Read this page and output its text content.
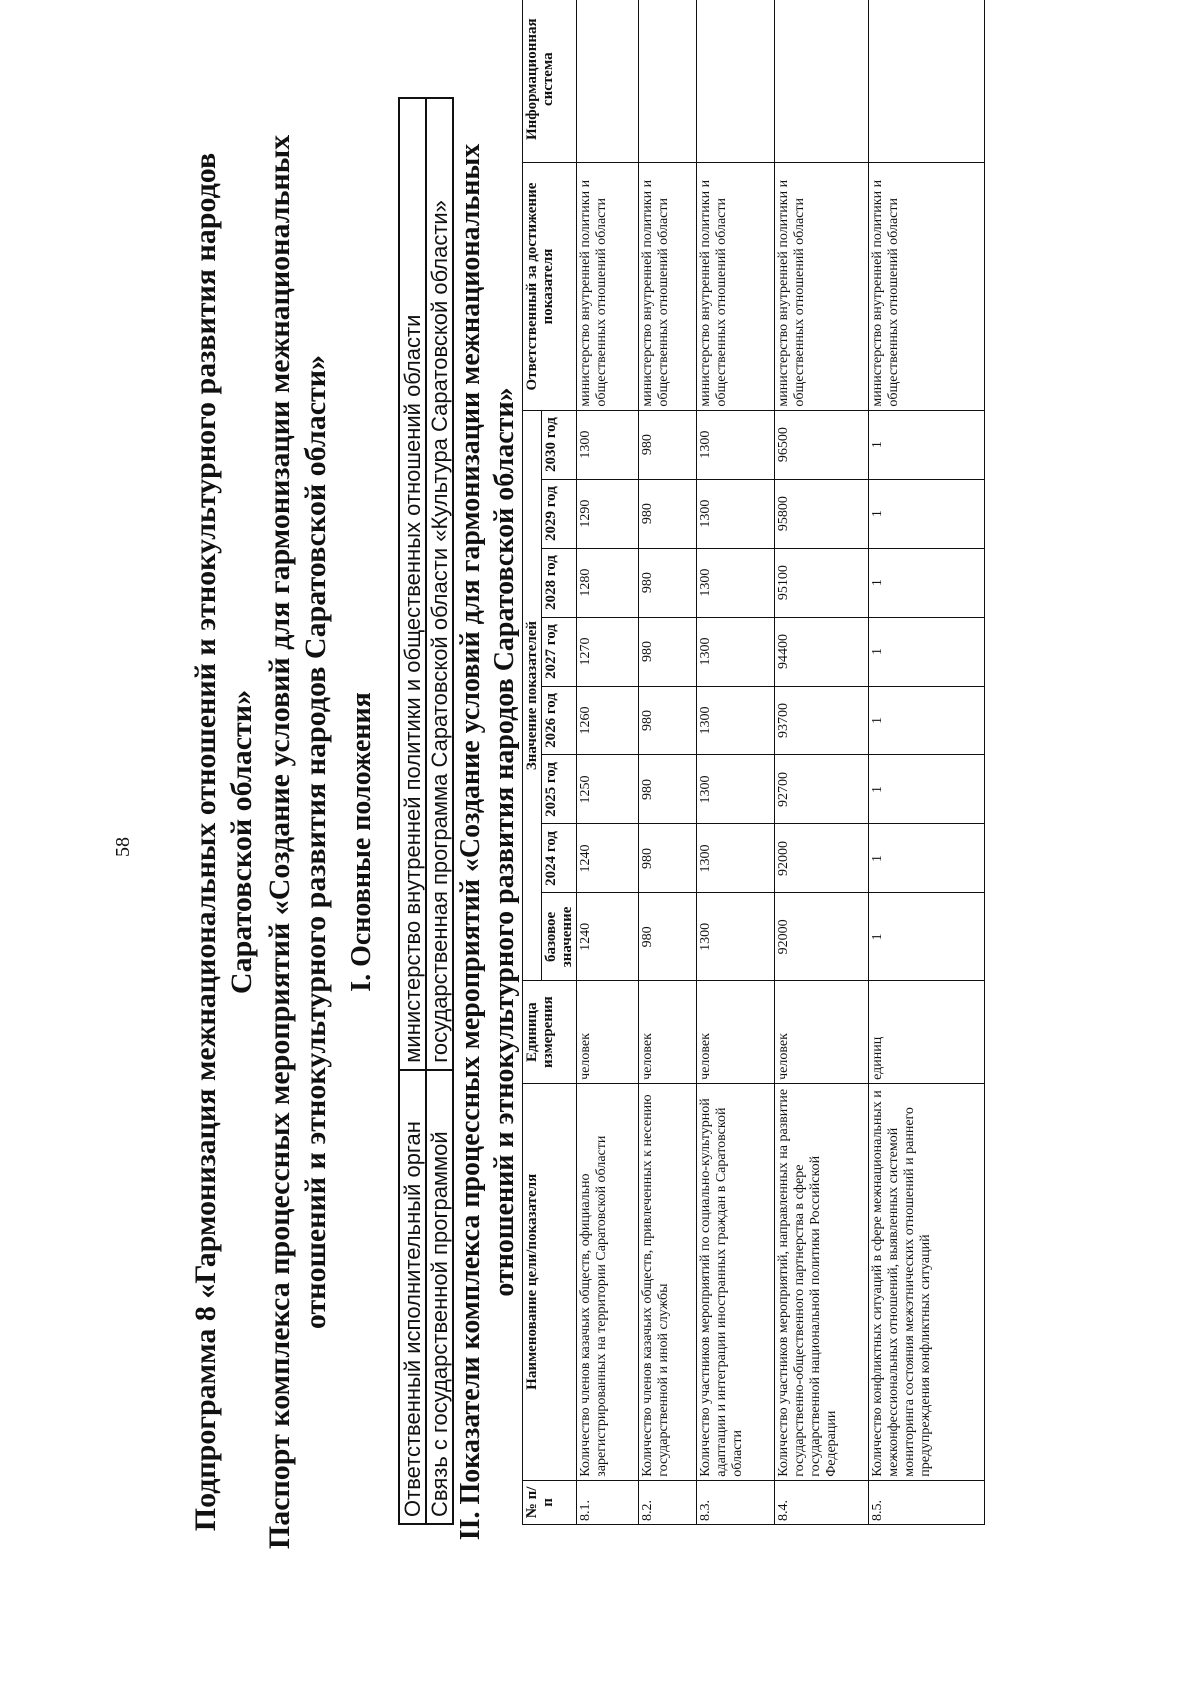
58 Подпрограмма 8 «Гармонизация межнациональных отношений и этнокультурного развития народов Саратовской области» Паспорт комплекса процессных мероприятий «Создание условий для гармонизации межнациональных отношений и этнокультурного развития народов Саратовской области» I. Основные положения
Ответственный исполнительный орган	министерство внутренней политики и общественных отношений области
Связь с государственной программой	государственная программа Саратовской области «Культура Саратовской области» II. Показатели комплекса процессных мероприятий «Создание условий для гармонизации межнациональных отношений и этнокультурного развития народов Саратовской области»
№ п/п	Наименование цели/показателя	Единица измерения	Значение показателей								Ответственный за достижение показателя	Информационная система
			базовое значение	2024 год	2025 год	2026 год	2027 год	2028 год	2029 год	2030 год		
8.1.	Количество членов казачьих обществ, официально зарегистрированных на территории Саратовской области	человек	1240	1240	1250	1260	1270	1280	1290	1300	министерство внутренней политики и общественных отношений области	
8.2.	Количество членов казачьих обществ, привлеченных к несению государственной и иной службы	человек	980	980	980	980	980	980	980	980	министерство внутренней политики и общественных отношений области	
8.3.	Количество участников мероприятий по социально-культурной адаптации и интеграции иностранных граждан в Саратовской области	человек	1300	1300	1300	1300	1300	1300	1300	1300	министерство внутренней политики и общественных отношений области	
8.4.	Количество участников мероприятий, направленных на развитие государственно-общественного партнерства в сфере государственной национальной политики Российской Федерации	человек	92000	92000	92700	93700	94400	95100	95800	96500	министерство внутренней политики и общественных отношений области	
8.5.	Количество конфликтных ситуаций в сфере межнациональных и межконфессиональных отношений, выявленных системой мониторинга состояния межэтнических отношений и раннего предупреждения конфликтных ситуаций	единиц	1	1	1	1	1	1	1	1	министерство внутренней политики и общественных отношений области	
